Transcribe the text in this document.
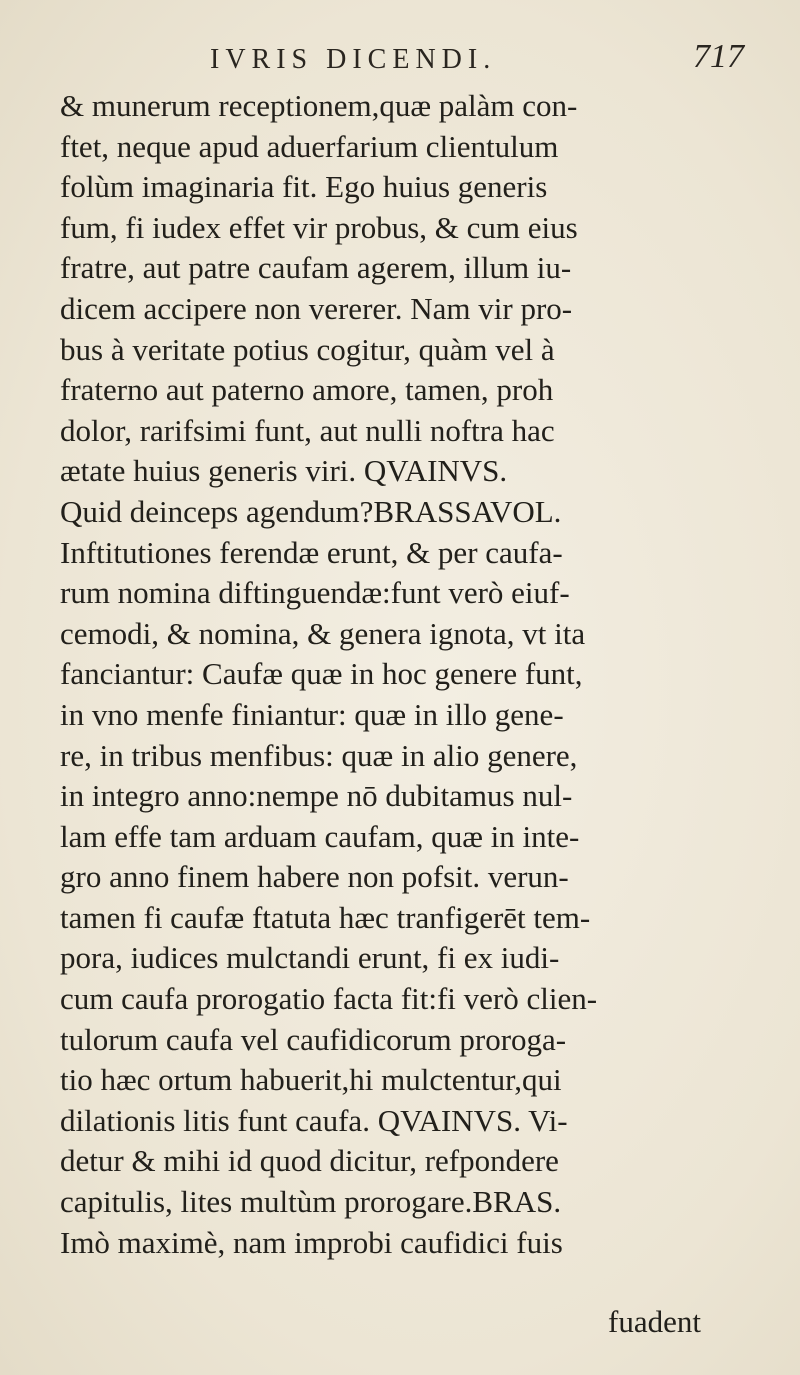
IVRIS DICENDI.	717
& munerum receptionem,quæ palàm con-
ftet, neque apud aduerfarium clientulum
folùm imaginaria fit. Ego huius generis
fum, fi iudex effet vir probus, & cum eius
fratre, aut patre caufam agerem, illum iu-
dicem accipere non vererer. Nam vir pro-
bus à veritate potius cogitur, quàm vel à
fraterno aut paterno amore, tamen, proh
dolor, rarifsimi funt, aut nulli noftra hac
ætate huius generis viri. QVAINVS.
Quid deinceps agendum?BRASSAVOL.
Inftitutiones ferendæ erunt, & per caufa-
rum nomina diftinguendæ:funt verò eiuf-
cemodi, & nomina, & genera ignota, vt ita
fanciantur: Caufæ quæ in hoc genere funt,
in vno menfe finiantur: quæ in illo gene-
re, in tribus menfibus: quæ in alio genere,
in integro anno:nempe nō dubitamus nul-
lam effe tam arduam caufam, quæ in inte-
gro anno finem habere non pofsit. verun-
tamen fi caufæ ftatuta hæc tranfigerēt tem-
pora, iudices mulctandi erunt, fi ex iudi-
cum caufa prorogatio facta fit:fi verò clien-
tulorum caufa vel caufidicorum proroga-
tio hæc ortum habuerit,hi mulctentur,qui
dilationis litis funt caufa. QVAINVS. Vi-
detur & mihi id quod dicitur, refpondere
capitulis, lites multùm prorogare.BRAS.
Imò maximè, nam improbi caufidici fuis
fuadent
